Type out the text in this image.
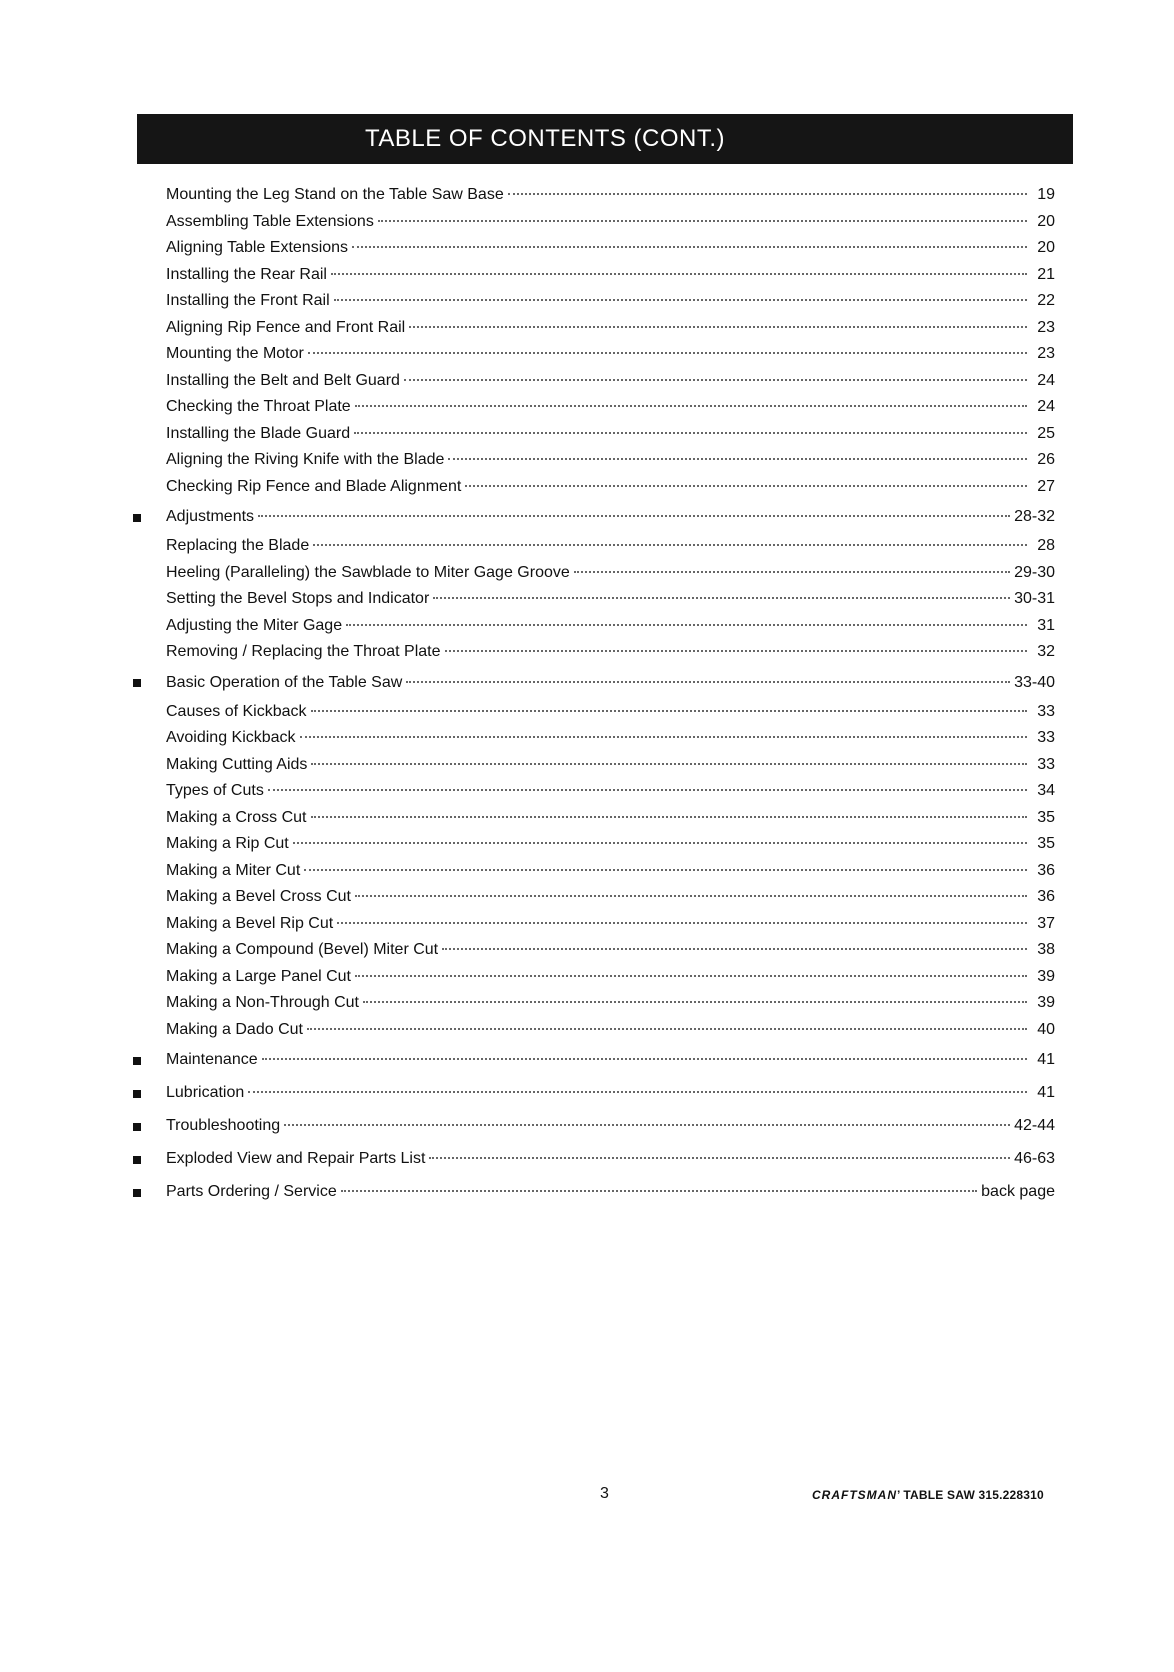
TABLE OF CONTENTS (CONT.)
Mounting the Leg Stand on the Table Saw Base	19
Assembling Table Extensions	20
Aligning Table Extensions	20
Installing the Rear Rail	21
Installing the Front Rail	22
Aligning Rip Fence and Front Rail	23
Mounting the Motor	23
Installing the Belt and Belt Guard	24
Checking the Throat Plate	24
Installing the Blade Guard	25
Aligning the Riving Knife with the Blade	26
Checking Rip Fence and Blade Alignment	27
Adjustments	28-32
Replacing the Blade	28
Heeling (Paralleling) the Sawblade to Miter Gage Groove	29-30
Setting the Bevel Stops and Indicator	30-31
Adjusting the Miter Gage	31
Removing / Replacing the Throat Plate	32
Basic Operation of the Table Saw	33-40
Causes of Kickback	33
Avoiding Kickback	33
Making Cutting Aids	33
Types of Cuts	34
Making a Cross Cut	35
Making a Rip Cut	35
Making a Miter Cut	36
Making a Bevel Cross Cut	36
Making a Bevel Rip Cut	37
Making a Compound (Bevel) Miter Cut	38
Making a Large Panel Cut	39
Making a Non-Through Cut	39
Making a Dado Cut	40
Maintenance	41
Lubrication	41
Troubleshooting	42-44
Exploded View and Repair Parts List	46-63
Parts Ordering / Service	back page
3	CRAFTSMAN’ TABLE SAW 315.228310
